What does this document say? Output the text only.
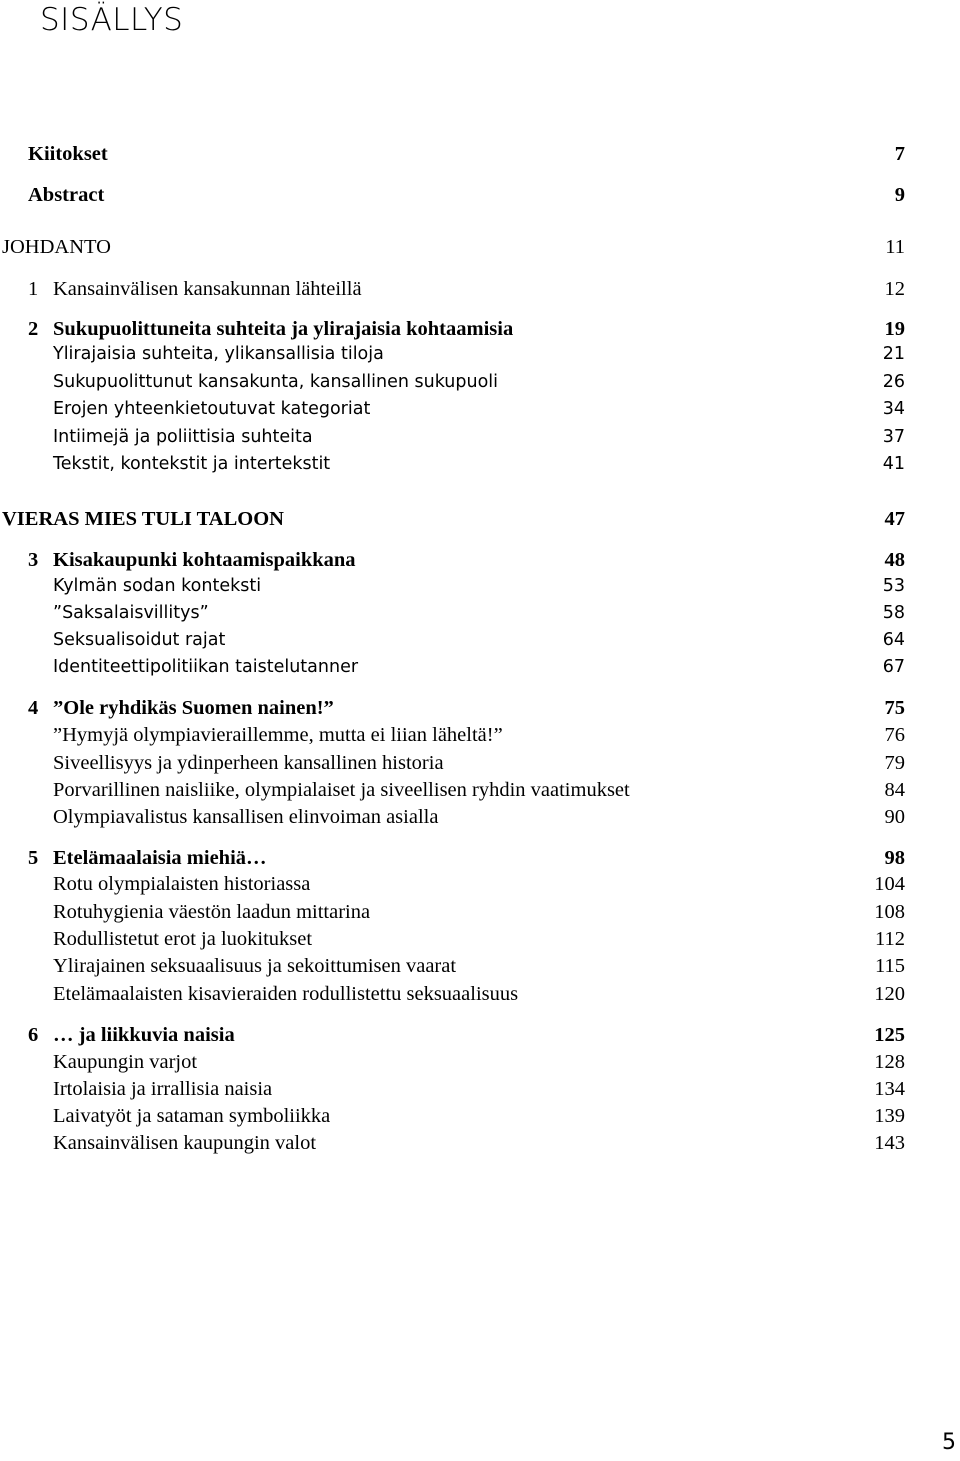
SISÄLLYS
Kiitokset	7
Abstract	9
JOHDANTO	11
1 Kansainvälisen kansakunnan lähteillä	12
2 Sukupuolittuneita suhteita ja ylirajaisia kohtaamisia	19
Ylirajaisia suhteita, ylikansallisia tiloja	21
Sukupuolittunut kansakunta, kansallinen sukupuoli	26
Erojen yhteenkietoutuvat kategoriat	34
Intiimejä ja poliittisia suhteita	37
Tekstit, kontekstit ja intertekstit	41
VIERAS MIES TULI TALOON	47
3 Kisakaupunki kohtaamispaikkana	48
Kylmän sodan konteksti	53
”Saksalaisvillitys”	58
Seksualisoidut rajat	64
Identiteettipolitiikan taistelutanner	67
4 ”Ole ryhdikäs Suomen nainen!”	75
”Hymyjä olympiavieraillemme, mutta ei liian läheltä!”	76
Siveellisyys ja ydinperheen kansallinen historia	79
Porvarillinen naisliike, olympialaiset ja siveellisen ryhdin vaatimukset	84
Olympiavalistus kansallisen elinvoiman asialla	90
5 Etelämaalaisia miehiä…	98
Rotu olympialaisten historiassa	104
Rotuhygienia väestön laadun mittarina	108
Rodullistetut erot ja luokitukset	112
Ylirajainen seksuaalisuus ja sekoittumisen vaarat	115
Etelämaalaisten kisavieraiden rodullistettu seksuaalisuus	120
6 … ja liikkuvia naisia	125
Kaupungin varjot	128
Irtolaisia ja irrallisia naisia	134
Laivatyöt ja sataman symboliikka	139
Kansainvälisen kaupungin valot	143
5
